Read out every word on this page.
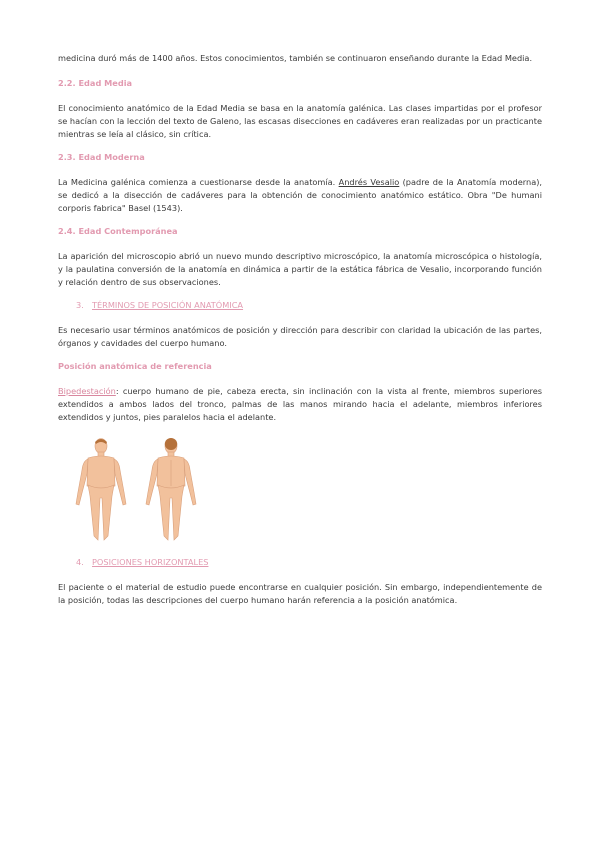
medicina duró más de 1400 años. Estos conocimientos, también se continuaron enseñando durante la Edad Media.

2.2. Edad Media

El conocimiento anatómico de la Edad Media se basa en la anatomía galénica. Las clases impartidas por el profesor se hacían con la lección del texto de Galeno, las escasas disecciones en cadáveres eran realizadas por un practicante mientras se leía al clásico, sin crítica.

2.3. Edad Moderna

La Medicina galénica comienza a cuestionarse desde la anatomía. Andrés Vesalio (padre de la Anatomía moderna), se dedicó a la disección de cadáveres para la obtención de conocimiento anatómico estático. Obra "De humani corporis fabrica" Basel (1543).

2.4. Edad Contemporánea

La aparición del microscopio abrió un nuevo mundo descriptivo microscópico, la anatomía microscópica o histología, y la paulatina conversión de la anatomía en dinámica a partir de la estática fábrica de Vesalio, incorporando función y relación dentro de sus observaciones.

3. TÉRMINOS DE POSICIÓN ANATÓMICA

Es necesario usar términos anatómicos de posición y dirección para describir con claridad la ubicación de las partes, órganos y cavidades del cuerpo humano.

Posición anatómica de referencia

Bipedestación: cuerpo humano de pie, cabeza erecta, sin inclinación con la vista al frente, miembros superiores extendidos a ambos lados del tronco, palmas de las manos mirando hacia el adelante, miembros inferiores extendidos y juntos, pies paralelos hacia el adelante.

4. POSICIONES HORIZONTALES

El paciente o el material de estudio puede encontrarse en cualquier posición. Sin embargo, independientemente de la posición, todas las descripciones del cuerpo humano harán referencia a la posición anatómica.
